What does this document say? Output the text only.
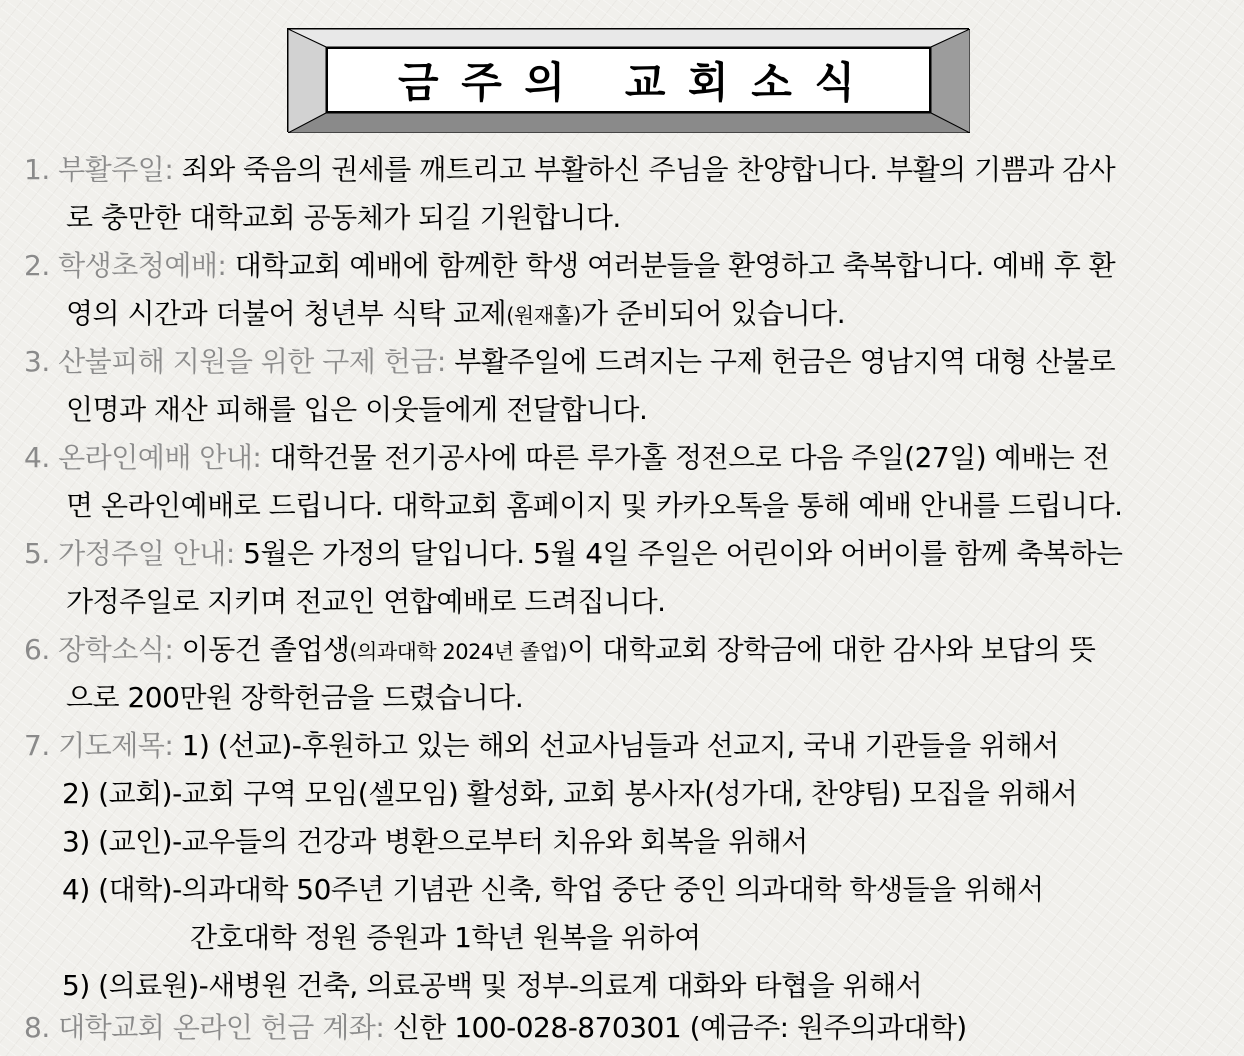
금 주 의   교 회 소 식
1. 부활주일: 죄와 죽음의 권세를 깨트리고 부활하신 주님을 찬양합니다. 부활의 기쁨과 감사
로 충만한 대학교회 공동체가 되길 기원합니다.
2. 학생초청예배: 대학교회 예배에 함께한 학생 여러분들을 환영하고 축복합니다. 예배 후 환
영의 시간과 더불어 청년부 식탁 교제(원재홀)가 준비되어 있습니다.
3. 산불피해 지원을 위한 구제 헌금: 부활주일에 드려지는 구제 헌금은 영남지역 대형 산불로
인명과 재산 피해를 입은 이웃들에게 전달합니다.
4. 온라인예배 안내: 대학건물 전기공사에 따른 루가홀 정전으로 다음 주일(27일) 예배는 전
면 온라인예배로 드립니다. 대학교회 홈페이지 및 카카오톡을 통해 예배 안내를 드립니다.
5. 가정주일 안내: 5월은 가정의 달입니다. 5월 4일 주일은 어린이와 어버이를 함께 축복하는
가정주일로 지키며 전교인 연합예배로 드려집니다.
6. 장학소식: 이동건 졸업생(의과대학 2024년 졸업)이 대학교회 장학금에 대한 감사와 보답의 뜻
으로 200만원 장학헌금을 드렸습니다.
7. 기도제목: 1) (선교)-후원하고 있는 해외 선교사님들과 선교지, 국내 기관들을 위해서
2) (교회)-교회 구역 모임(셀모임) 활성화, 교회 봉사자(성가대, 찬양팀) 모집을 위해서
3) (교인)-교우들의 건강과 병환으로부터 치유와 회복을 위해서
4) (대학)-의과대학 50주년 기념관 신축, 학업 중단 중인 의과대학 학생들을 위해서
간호대학 정원 증원과 1학년 원복을 위하여
5) (의료원)-새병원 건축, 의료공백 및 정부-의료계 대화와 타협을 위해서
8. 대학교회 온라인 헌금 계좌: 신한 100-028-870301 (예금주: 원주의과대학)
